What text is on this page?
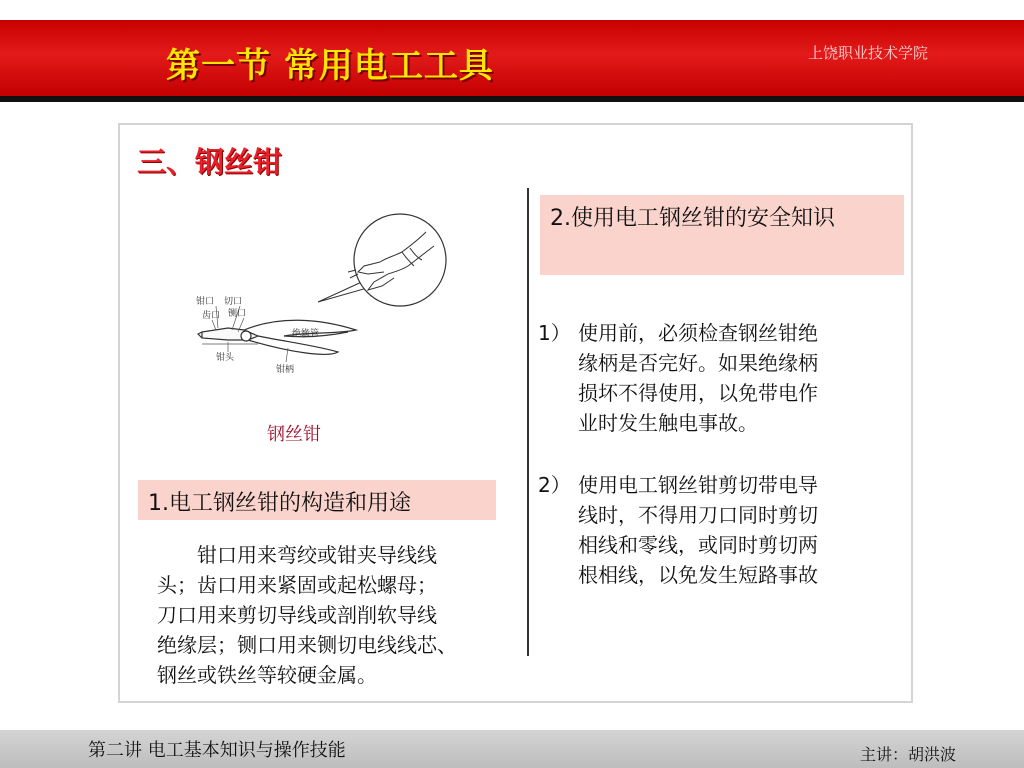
第一节 常用电工工具	上饶职业技术学院
三、钢丝钳
钳口 切口
齿口 铡口
绝缘管
钳头
钳柄
钢丝钳
1.电工钢丝钳的构造和用途
　　钳口用来弯绞或钳夹导线线
头；齿口用来紧固或起松螺母；
刀口用来剪切导线或剖削软导线
绝缘层；铡口用来铡切电线线芯、
钢丝或铁丝等较硬金属。
2.使用电工钢丝钳的安全知识
1） 使用前，必须检查钢丝钳绝
缘柄是否完好。如果绝缘柄
损坏不得使用，以免带电作
业时发生触电事故。
2） 使用电工钢丝钳剪切带电导
线时，不得用刀口同时剪切
相线和零线，或同时剪切两
根相线，以免发生短路事故
第二讲 电工基本知识与操作技能	主讲：胡洪波
